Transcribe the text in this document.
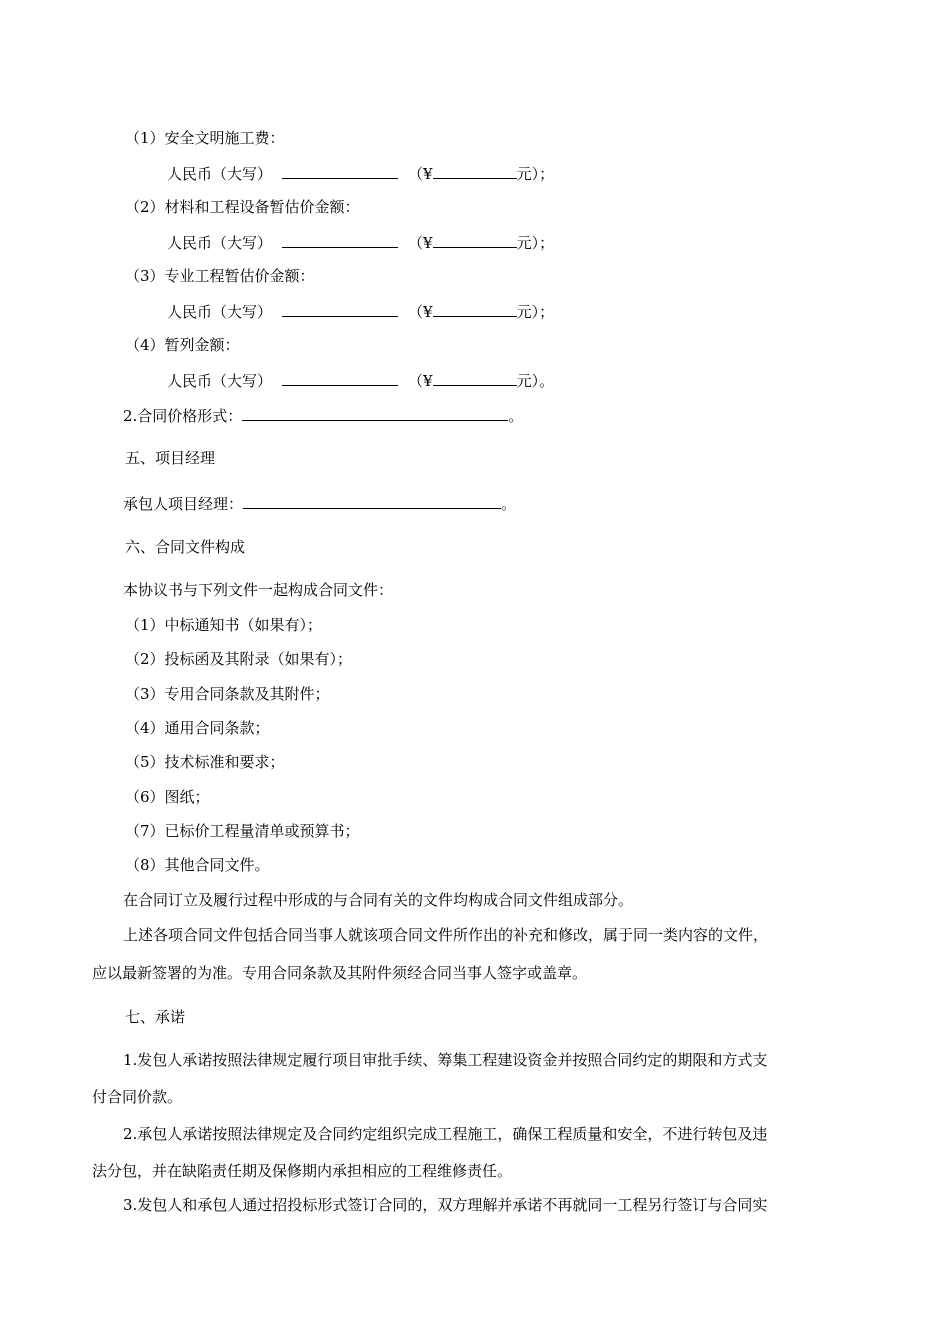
（1）安全文明施工费：
人民币（大写）	（¥	元）；
（2）材料和工程设备暂估价金额：
人民币（大写）	（¥	元）；
（3）专业工程暂估价金额：
人民币（大写）	（¥	元）；
（4）暂列金额：
人民币（大写）	（¥	元）。
2.合同价格形式：	。
五、项目经理
承包人项目经理：	。
六、合同文件构成
本协议书与下列文件一起构成合同文件：
（1）中标通知书（如果有）；
（2）投标函及其附录（如果有）；
（3）专用合同条款及其附件；
（4）通用合同条款；
（5）技术标准和要求；
（6）图纸；
（7）已标价工程量清单或预算书；
（8）其他合同文件。
在合同订立及履行过程中形成的与合同有关的文件均构成合同文件组成部分。
上述各项合同文件包括合同当事人就该项合同文件所作出的补充和修改，属于同一类内容的文件，
应以最新签署的为准。专用合同条款及其附件须经合同当事人签字或盖章。
七、承诺
1.发包人承诺按照法律规定履行项目审批手续、筹集工程建设资金并按照合同约定的期限和方式支
付合同价款。
2.承包人承诺按照法律规定及合同约定组织完成工程施工，确保工程质量和安全，不进行转包及违
法分包，并在缺陷责任期及保修期内承担相应的工程维修责任。
3.发包人和承包人通过招投标形式签订合同的，双方理解并承诺不再就同一工程另行签订与合同实
